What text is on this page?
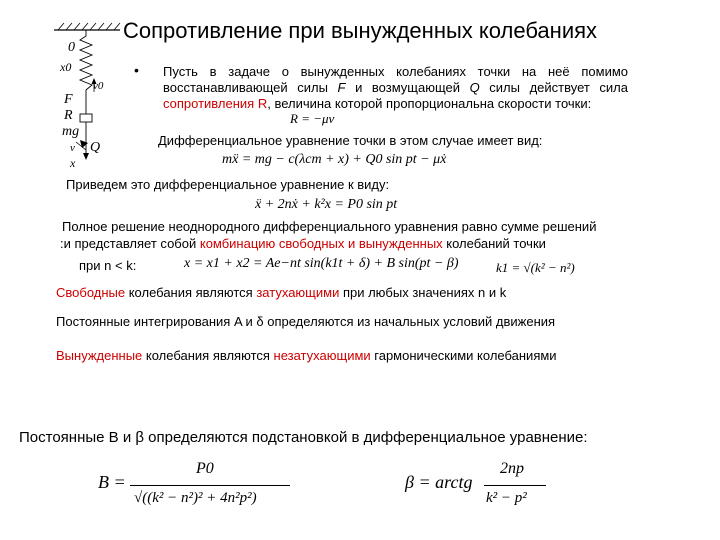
Сопротивление при вынужденных колебаниях
0
x0
v0
F
R
mg
v Q
x
• Пусть в задаче о вынужденных колебаниях точки на неё помимо восстанавливающей силы F и возмущающей Q силы действует сила сопротивления R, величина которой пропорциональна скорости точки:
R = −μv
Дифференциальное уравнение точки в этом случае имеет вид:
mẍ = mg − c(λст + x) + Q0 sin pt − μẋ
Приведем это дифференциальное уравнение к виду:
ẍ + 2nẋ + k²x = P0 sin pt
Полное решение неоднородного дифференциального уравнения равно сумме решений
:и представляет собой комбинацию свободных и вынужденных колебаний точки
при n < k:	x = x1 + x2 = Ae−nt sin(k1t + δ) + B sin(pt − β)	k1 = √(k² − n²)
Свободные колебания являются затухающими при любых значениях n и k
Постоянные интегрирования A и δ определяются из начальных условий движения
Вынужденные колебания являются незатухающими гармоническими колебаниями
Постоянные B и β определяются подстановкой в дифференциальное уравнение:
B =
P0
√((k² − n²)² + 4n²p²)
β = arctg
2np
k² − p²
